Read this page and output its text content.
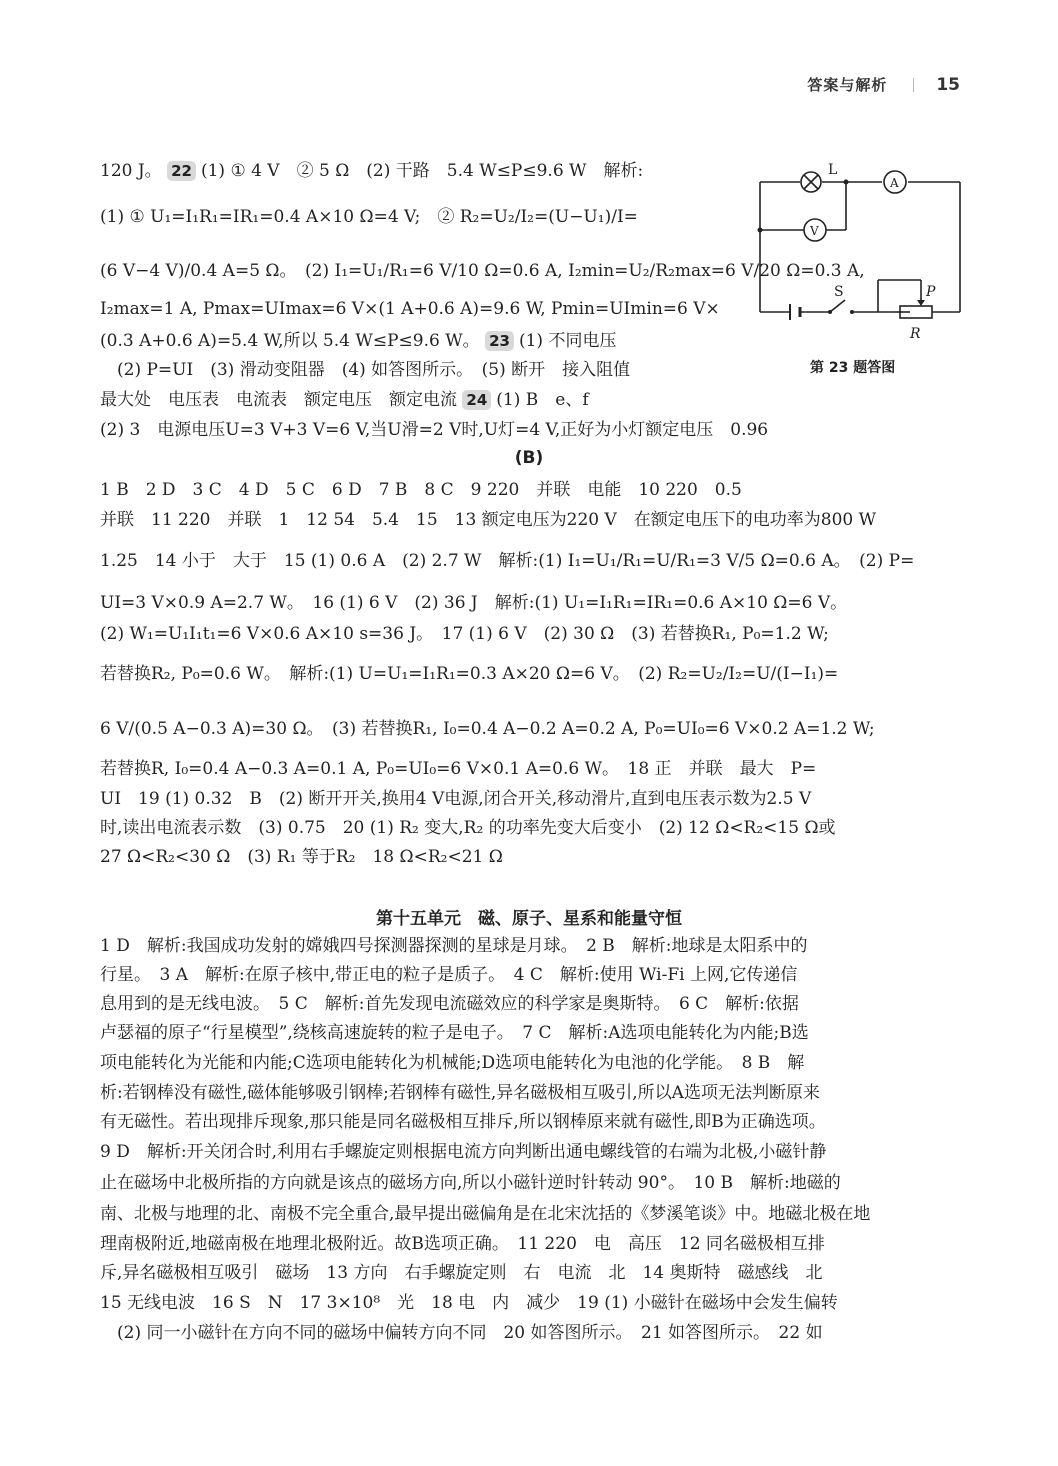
答案与解析	15
L
A
V
S	P
R
第 23 题答图
120 J。 22 (1) ① 4 V　② 5 Ω　(2) 干路　5.4 W≤P≤9.6 W　解析:
(1) ① U₁=I₁R₁=IR₁=0.4 A×10 Ω=4 V;　② R₂=U₂/I₂=(U−U₁)/I=
(6 V−4 V)/0.4 A=5 Ω。　(2) I₁=U₁/R₁=6 V/10 Ω=0.6 A, I₂min=U₂/R₂max=6 V/20 Ω=0.3 A,
I₂max=1 A, Pmax=UImax=6 V×(1 A+0.6 A)=9.6 W, Pmin=UImin=6 V×
(0.3 A+0.6 A)=5.4 W,所以 5.4 W≤P≤9.6 W。 23 (1) 不同电压
　(2) P=UI　(3) 滑动变阻器　(4) 如答图所示。　(5) 断开　接入阻值
最大处　电压表　电流表　额定电压　额定电流 24 (1) B　e、f
(2) 3　电源电压U=3 V+3 V=6 V,当U滑=2 V时,U灯=4 V,正好为小灯额定电压　0.96
(B)
1 B　2 D　3 C　4 D　5 C　6 D　7 B　8 C　9 220　并联　电能　10 220　0.5
并联　11 220　并联　1　12 54　5.4　15　13 额定电压为220 V　在额定电压下的电功率为800 W
1.25　14 小于　大于　15 (1) 0.6 A　(2) 2.7 W　解析:(1) I₁=U₁/R₁=U/R₁=3 V/5 Ω=0.6 A。　(2) P=
UI=3 V×0.9 A=2.7 W。　16 (1) 6 V　(2) 36 J　解析:(1) U₁=I₁R₁=IR₁=0.6 A×10 Ω=6 V。
(2) W₁=U₁I₁t₁=6 V×0.6 A×10 s=36 J。　17 (1) 6 V　(2) 30 Ω　(3) 若替换R₁, P₀=1.2 W;
若替换R₂, P₀=0.6 W。　解析:(1) U=U₁=I₁R₁=0.3 A×20 Ω=6 V。　(2) R₂=U₂/I₂=U/(I−I₁)=
6 V/(0.5 A−0.3 A)=30 Ω。　(3) 若替换R₁, I₀=0.4 A−0.2 A=0.2 A, P₀=UI₀=6 V×0.2 A=1.2 W;
若替换R, I₀=0.4 A−0.3 A=0.1 A, P₀=UI₀=6 V×0.1 A=0.6 W。　18 正　并联　最大　P=
UI　19 (1) 0.32　B　(2) 断开开关,换用4 V电源,闭合开关,移动滑片,直到电压表示数为2.5 V
时,读出电流表示数　(3) 0.75　20 (1) R₂ 变大,R₂ 的功率先变大后变小　(2) 12 Ω<R₂<15 Ω或
27 Ω<R₂<30 Ω　(3) R₁ 等于R₂　18 Ω<R₂<21 Ω
第十五单元　磁、原子、星系和能量守恒
1 D　解析:我国成功发射的嫦娥四号探测器探测的星球是月球。　2 B　解析:地球是太阳系中的
行星。　3 A　解析:在原子核中,带正电的粒子是质子。　4 C　解析:使用 Wi-Fi 上网,它传递信
息用到的是无线电波。　5 C　解析:首先发现电流磁效应的科学家是奥斯特。　6 C　解析:依据
卢瑟福的原子“行星模型”,绕核高速旋转的粒子是电子。　7 C　解析:A选项电能转化为内能;B选
项电能转化为光能和内能;C选项电能转化为机械能;D选项电能转化为电池的化学能。　8 B　解
析:若钢棒没有磁性,磁体能够吸引钢棒;若钢棒有磁性,异名磁极相互吸引,所以A选项无法判断原来
有无磁性。若出现排斥现象,那只能是同名磁极相互排斥,所以钢棒原来就有磁性,即B为正确选项。
9 D　解析:开关闭合时,利用右手螺旋定则根据电流方向判断出通电螺线管的右端为北极,小磁针静
止在磁场中北极所指的方向就是该点的磁场方向,所以小磁针逆时针转动 90°。　10 B　解析:地磁的
南、北极与地理的北、南极不完全重合,最早提出磁偏角是在北宋沈括的《梦溪笔谈》中。地磁北极在地
理南极附近,地磁南极在地理北极附近。故B选项正确。　11 220　电　高压　12 同名磁极相互排
斥,异名磁极相互吸引　磁场　13 方向　右手螺旋定则　右　电流　北　14 奥斯特　磁感线　北
15 无线电波　16 S　N　17 3×10⁸　光　18 电　内　减少　19 (1) 小磁针在磁场中会发生偏转
　(2) 同一小磁针在方向不同的磁场中偏转方向不同　20 如答图所示。　21 如答图所示。　22 如
